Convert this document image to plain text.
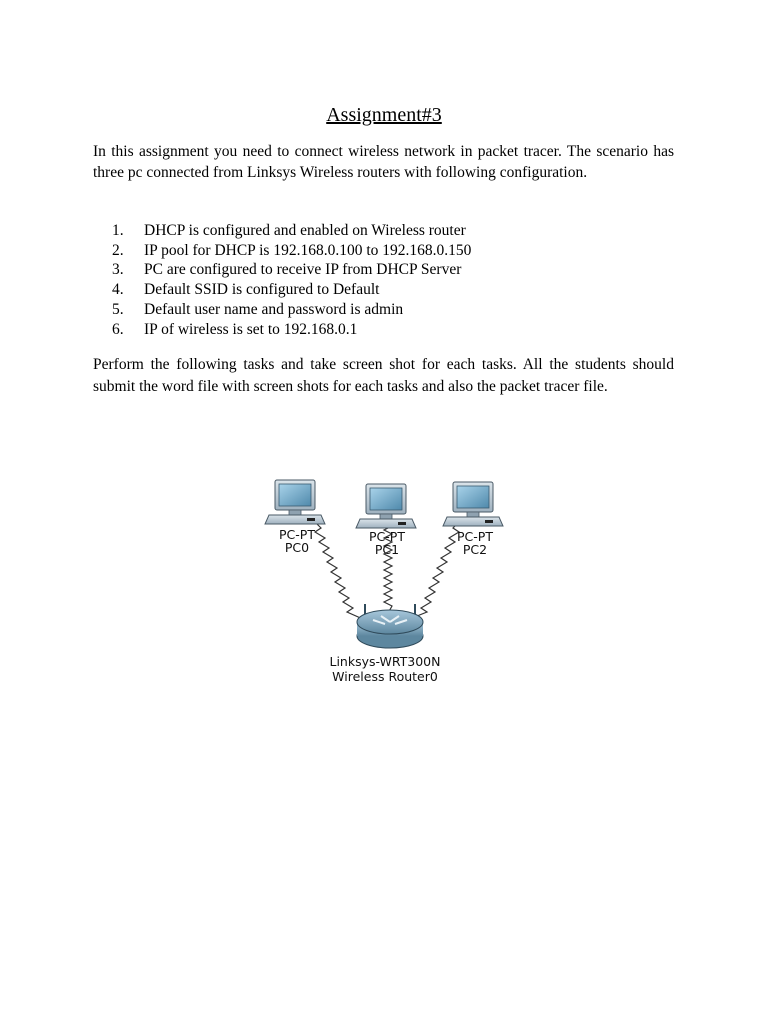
Assignment#3

In this assignment you need to connect wireless network in packet tracer. The scenario has three pc connected from Linksys Wireless routers with following configuration.

1.	DHCP is configured and enabled on Wireless router
2.	IP pool for DHCP is 192.168.0.100 to 192.168.0.150
3.	PC are configured to receive IP from DHCP Server
4.	Default SSID is configured to Default
5.	Default user name and password is admin
6.	IP of wireless is set to 192.168.0.1

Perform the following tasks and take screen shot for each tasks. All the students should submit the word file with screen shots for each tasks and also the packet tracer file.

PC-PT
PC0
PC-PT
PC1
PC-PT
PC2
Linksys-WRT300N
Wireless Router0
